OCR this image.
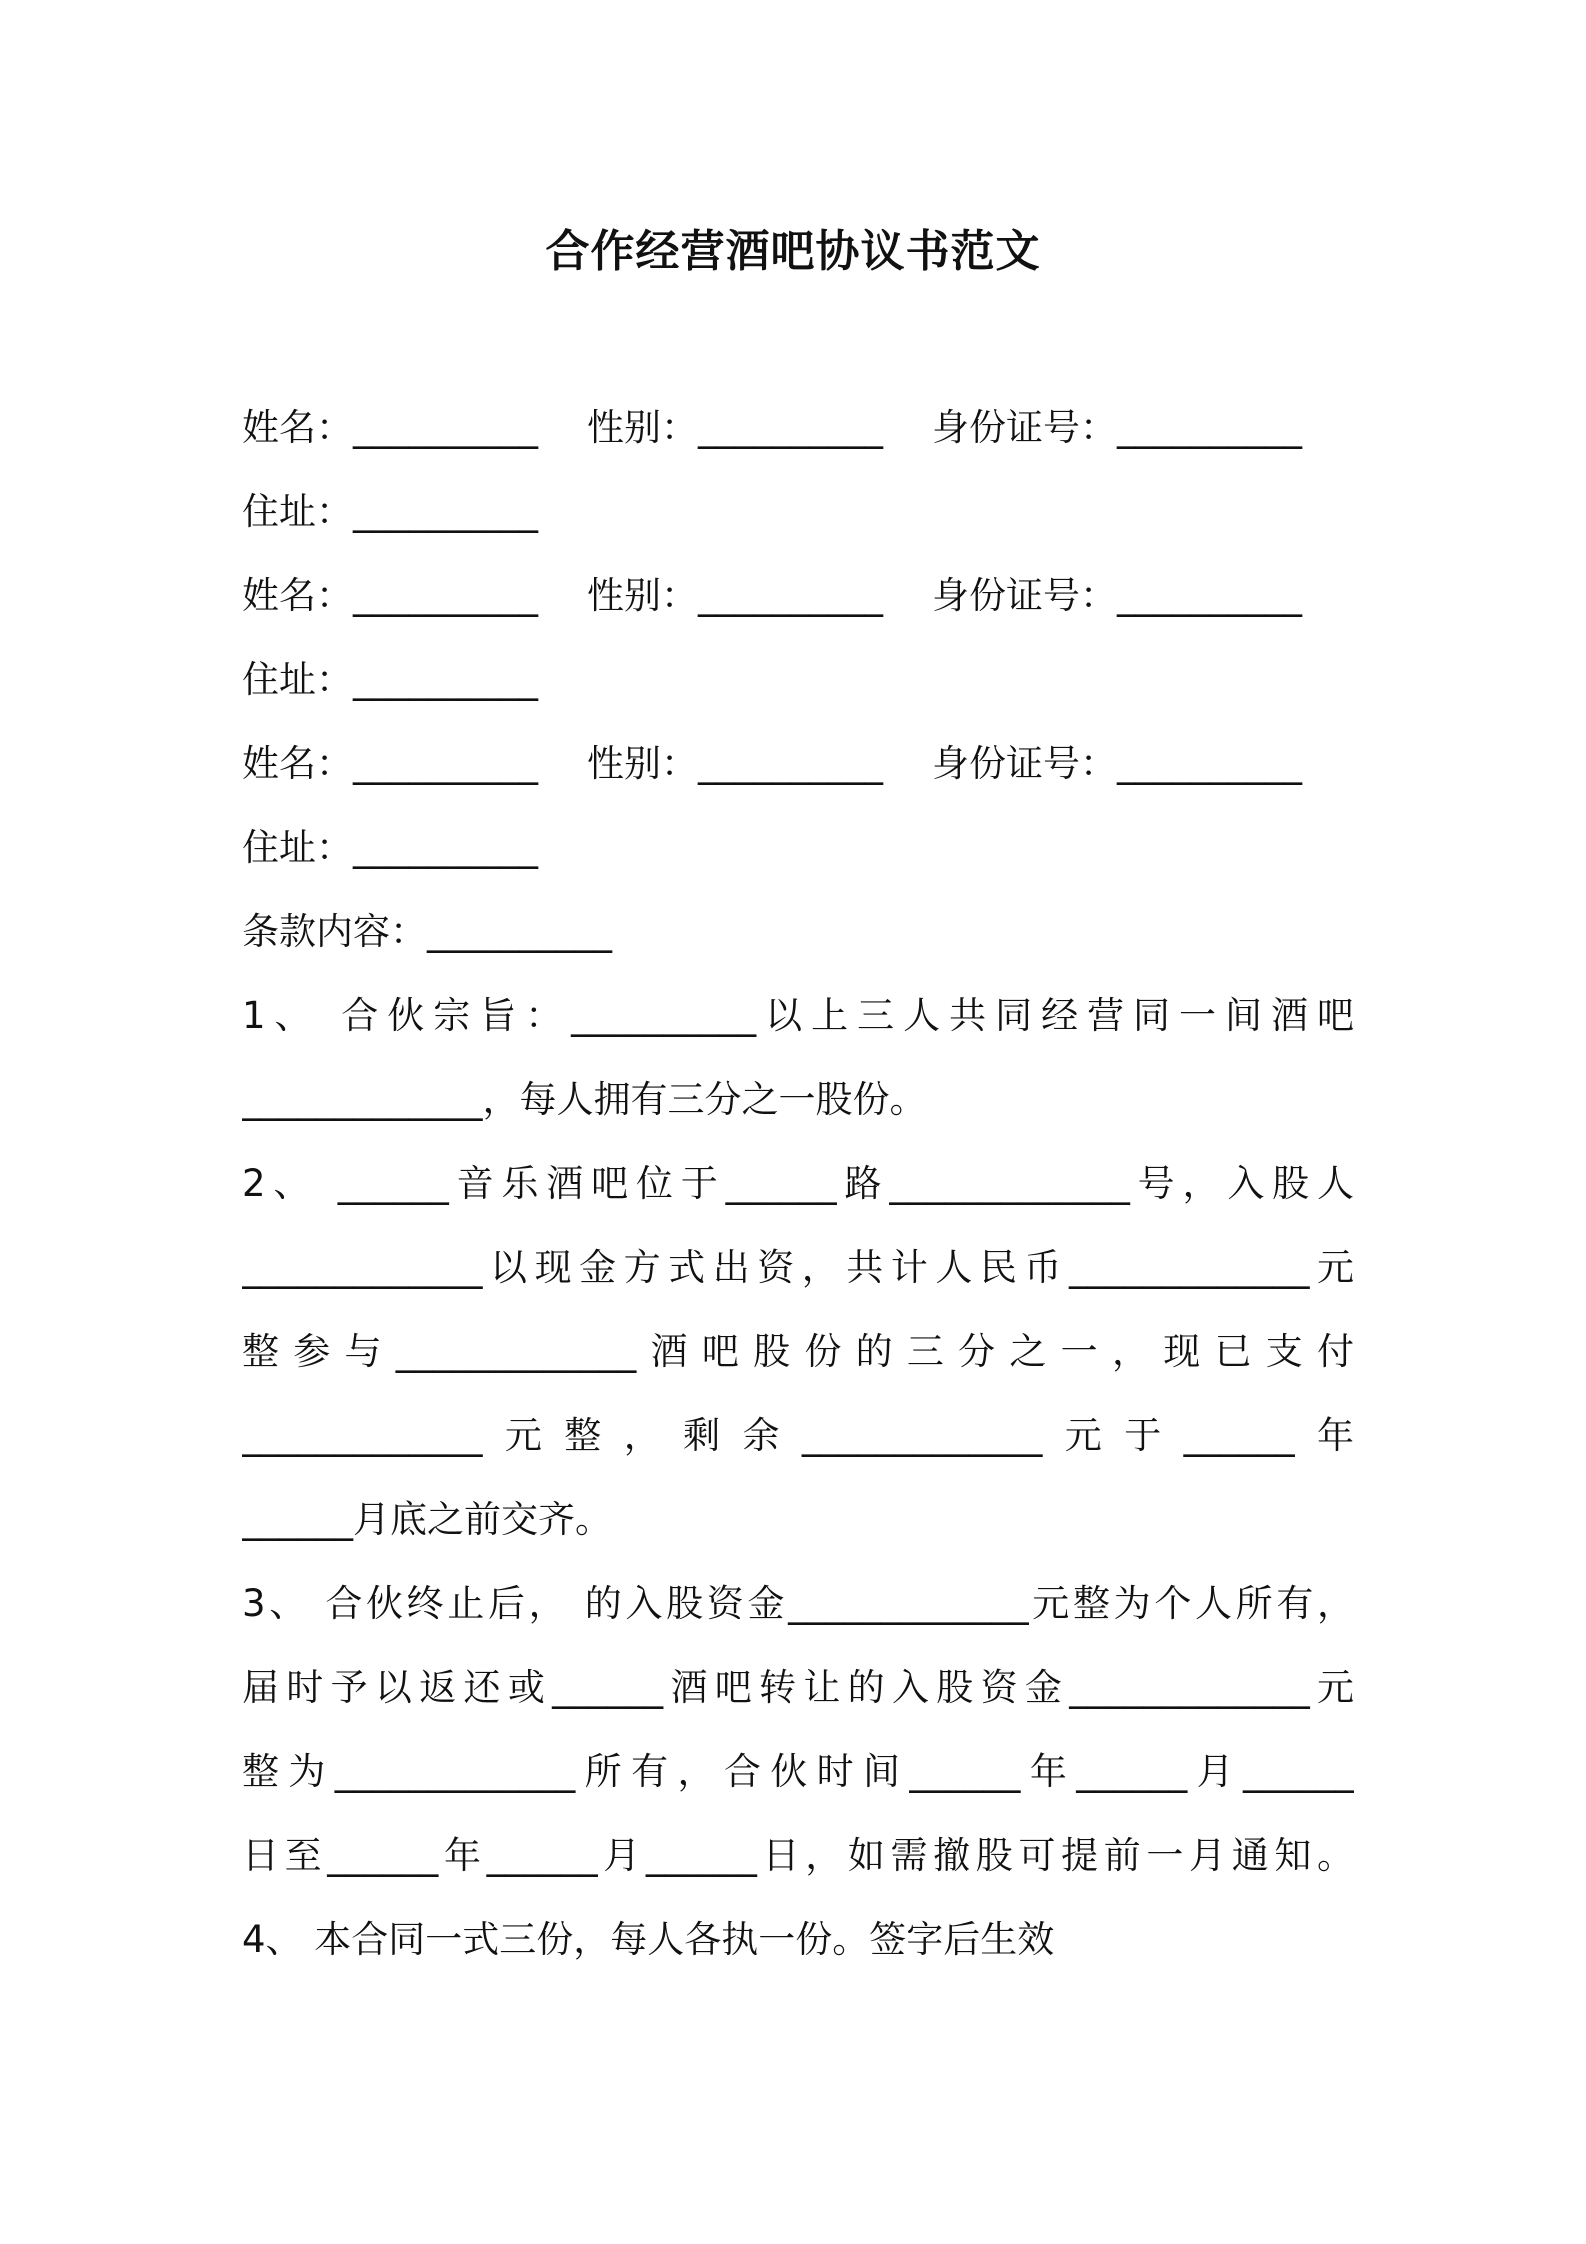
合作经营酒吧协议书范文
姓名：__________ 性别：__________ 身份证号：__________
住址：__________
姓名：__________ 性别：__________ 身份证号：__________
住址：__________
姓名：__________ 性别：__________ 身份证号：__________
住址：__________
条款内容：__________
1、 合伙宗旨：__________以上三人共同经营同一间酒吧
_____________，每人拥有三分之一股份。
2、 ______音乐酒吧位于______路_____________号，入股人
_____________以现金方式出资，共计人民币_____________元
整参与_____________酒吧股份的三分之一，现已支付
_____________元整，剩余_____________元于______年
______月底之前交齐。
3、 合伙终止后， 的入股资金_____________元整为个人所有，
届时予以返还或______酒吧转让的入股资金_____________元
整为_____________所有，合伙时间______年______月______
日至______年______月______日，如需撤股可提前一月通知。
4、 本合同一式三份，每人各执一份。签字后生效
